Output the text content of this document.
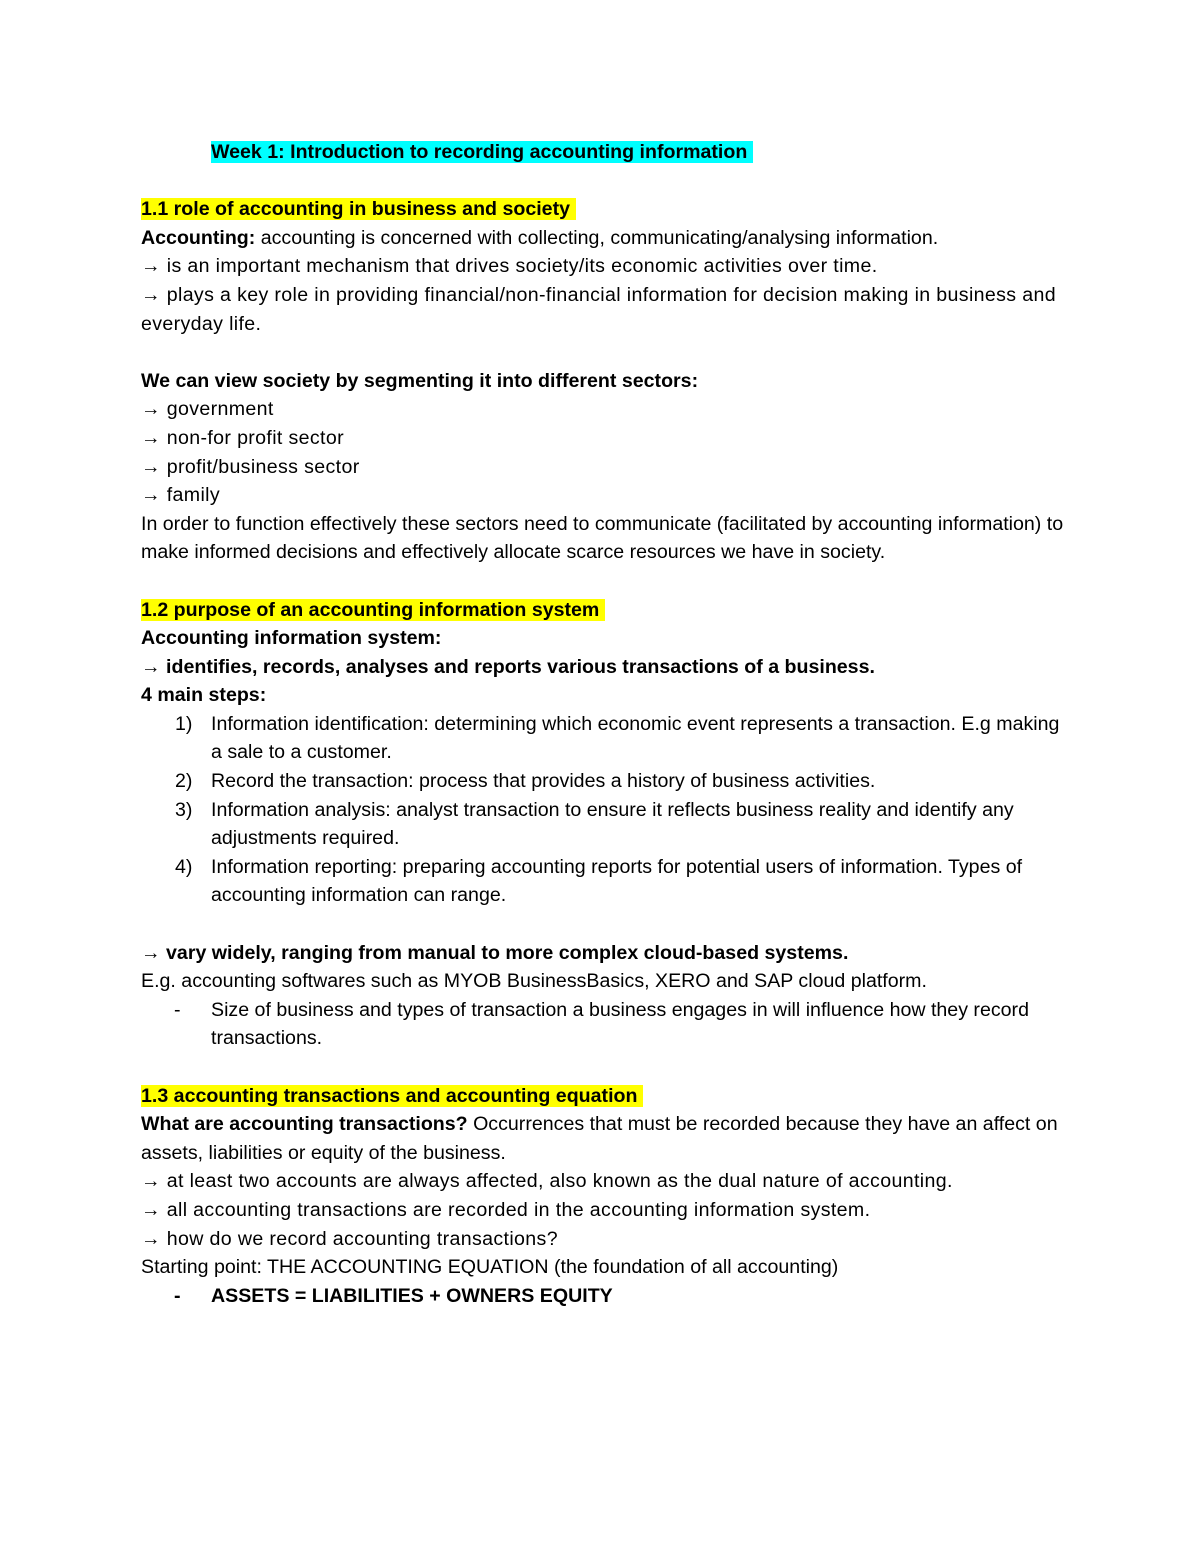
Week 1: Introduction to recording accounting information

1.1 role of accounting in business and society

Accounting: accounting is concerned with collecting, communicating/analysing information.

→ is an important mechanism that drives society/its economic activities over time.

→ plays a key role in providing financial/non-financial information for decision making in business and everyday life.

We can view society by segmenting it into different sectors:

→ government

→ non-for profit sector

→ profit/business sector

→ family

In order to function effectively these sectors need to communicate (facilitated by accounting information) to make informed decisions and effectively allocate scarce resources we have in society.

1.2 purpose of an accounting information system

Accounting information system:

→ identifies, records, analyses and reports various transactions of a business.

4 main steps:

1) Information identification: determining which economic event represents a transaction. E.g making a sale to a customer.
2) Record the transaction: process that provides a history of business activities.
3) Information analysis: analyst transaction to ensure it reflects business reality and identify any adjustments required.
4) Information reporting: preparing accounting reports for potential users of information. Types of accounting information can range.

→ vary widely, ranging from manual to more complex cloud-based systems.

E.g. accounting softwares such as MYOB BusinessBasics, XERO and SAP cloud platform.

- Size of business and types of transaction a business engages in will influence how they record transactions.

1.3 accounting transactions and accounting equation

What are accounting transactions? Occurrences that must be recorded because they have an affect on assets, liabilities or equity of the business.

→ at least two accounts are always affected, also known as the dual nature of accounting.

→ all accounting transactions are recorded in the accounting information system.

→ how do we record accounting transactions?

Starting point: THE ACCOUNTING EQUATION (the foundation of all accounting)

- ASSETS = LIABILITIES + OWNERS EQUITY
